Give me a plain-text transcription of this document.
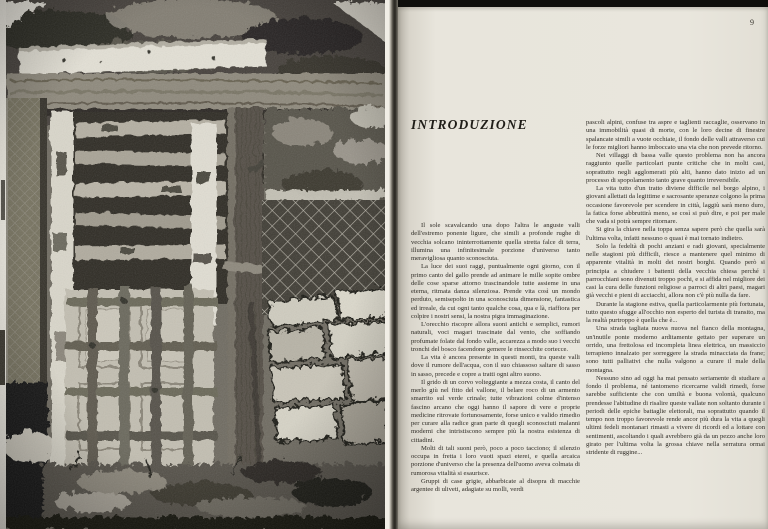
9
INTRODUZIONE

Il sole scavalcando una dopo l'altra le anguste valli dell'estremo ponente ligure, che simili a profonde rughe di vecchia solcano ininterrottamente quella stretta falce di terra, illumina una infinitesimale porzione d'universo tanto meravigliosa quanto sconosciuta.

La luce dei suoi raggi, puntualmente ogni giorno, con il primo canto del gallo prende ad animare le mille sopite ombre delle cose sparse attorno trascinandole tutte assieme in una eterna, ritmata danza silenziosa. Prende vita così un mondo perduto, semisepolto in una sconosciuta dimensione, fantastica ed irreale, da cui ogni tanto qualche cosa, qua e là, riaffiora per colpire i nostri sensi, la nostra pigra immaginazione.

L'orecchio riscopre allora suoni antichi e semplici, rumori naturali, voci magari trascinate dal vento, che soffiando profumate folate dal fondo valle, accarezza a modo suo i vecchi tronchi del bosco facendone gemere le rinsecchite cortecce.

La vita è ancora presente in questi monti, tra queste valli dove il rumore dell'acqua, con il suo chiassoso saltare di sasso in sasso, precede e copre a tratti ogni altro suono.

Il grido di un corvo volteggiante a mezza costa, il canto del merlo giù nel fitto del vallone, il belare roco di un armento smarrito sul verde crinale; tutte vibrazioni colme d'intenso fascino arcano che oggi hanno il sapore di vere e proprie medicine ritrovate fortunosamente, forse unico e valido rimedio per curare alla radice gran parte di quegli sconosciuti malanni moderni che intristiscono sempre più la nostra esistenza di cittadini.

Molti di tali suoni però, poco a poco tacciono; il silenzio occupa in fretta i loro vuoti spazi eterei, e quella arcaica porzione d'universo che la presenza dell'uomo aveva colmata di rumorosa vitalità si esaurisce.

Gruppi di case grigie, abbarbicate al disopra di macchie argentee di uliveti, adagiate su molli, verdi

pascoli alpini, confuse tra aspre e taglienti raccaglie, osservano in una immobilità quasi di morte, con le loro decine di finestre spalancate simili a vuote occhiaie, il fondo delle valli attraverso cui le forze migliori hanno imboccato una via che non prevede ritorno.

Nei villaggi di bassa valle questo problema non ha ancora raggiunto quelle particolari punte critiche che in molti casi, soprattutto negli agglomerati più alti, hanno dato inizio ad un processo di spopolamento tanto grave quanto irreversibile.

La vita tutto d'un tratto diviene difficile nel borgo alpino, i giovani allettati da legittime e sacrosante speranze colgono la prima occasione favorevole per scendere in città, laggiù sarà meno duro, la fatica forse abbruttirà meno, se così si può dire, e poi per male che vada si potrà sempre ritornare.

Si gira la chiave nella toppa senza sapere però che quella sarà l'ultima volta, infatti nessuno o quasi è mai tornato indietro.

Solo la fedeltà di pochi anziani e radi giovani, specialmente nelle stagioni più difficili, riesce a mantenere quel minimo di apparente vitalità in molti dei nostri borghi. Quando però si principia a chiudere i battenti della vecchia chiesa perché i parrocchiani sono divenuti troppo pochi, e si affida nel migliore dei casi la cura delle funzioni religiose a parroci di altri paesi, magari già vecchi e pieni di acciacchi, allora non c'è più nulla da fare.

Durante la stagione estiva, quella particolarmente più fortunata, tutto questo sfugge all'occhio non esperto del turista di transito, ma la realtà purtroppo è quella che è...

Una strada tagliata nuova nuova nel fianco della montagna, un'inutile ponte moderno arditamente gettato per superare un orrido, una frettolosa ed incompleta linea elettrica, un massiccio terrapieno innalzato per sorreggere la strada minacciata da frane; sono tutti palliativi che nulla valgono a curare il male della montagna.

Nessuno sino ad oggi ha mai pensato seriamente di studiare a fondo il problema, né tantomeno ricercarne validi rimedi, forse sarebbe sufficiente che con umiltà e buona volontà, qualcuno prendesse l'abitudine di risalire queste vallate non soltanto durante i periodi delle epiche battaglie elettorali, ma soprattutto quando il tempo non troppo favorevole rende ancor più dura la vita a quegli ultimi fedeli montanari rimasti a vivere di ricordi ed a lottare con sentimenti, ascoltando i quali avrebbero già da un pezzo anche loro girato per l'ultima volta la grossa chiave nella serratura ormai stridente di ruggine...
